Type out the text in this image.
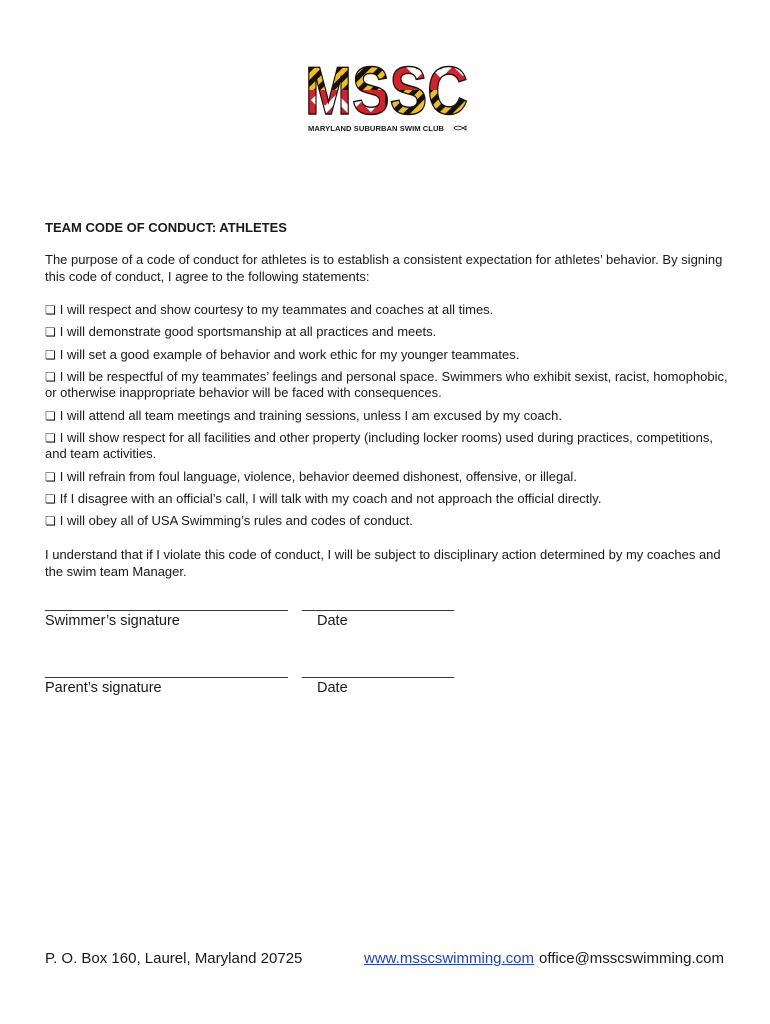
MSSC
MARYLAND SUBURBAN SWIM CLUB
TEAM CODE OF CONDUCT: ATHLETES

The purpose of a code of conduct for athletes is to establish a consistent expectation for athletes’ behavior. By signing this code of conduct, I agree to the following statements:

❏ I will respect and show courtesy to my teammates and coaches at all times.
❏ I will demonstrate good sportsmanship at all practices and meets.
❏ I will set a good example of behavior and work ethic for my younger teammates.
❏ I will be respectful of my teammates’ feelings and personal space. Swimmers who exhibit sexist, racist, homophobic, or otherwise inappropriate behavior will be faced with consequences.
❏ I will attend all team meetings and training sessions, unless I am excused by my coach.
❏ I will show respect for all facilities and other property (including locker rooms) used during practices, competitions, and team activities.
❏ I will refrain from foul language, violence, behavior deemed dishonest, offensive, or illegal.
❏ If I disagree with an official’s call, I will talk with my coach and not approach the official directly.
❏ I will obey all of USA Swimming’s rules and codes of conduct.

I understand that if I violate this code of conduct, I will be subject to disciplinary action determined by my coaches and the swim team Manager.

________________________________ ____________________
Swimmer’s signature	Date
________________________________ ____________________
Parent’s signature	Date
P. O. Box 160, Laurel, Maryland 20725	www.msscswimming.com office@msscswimming.com
